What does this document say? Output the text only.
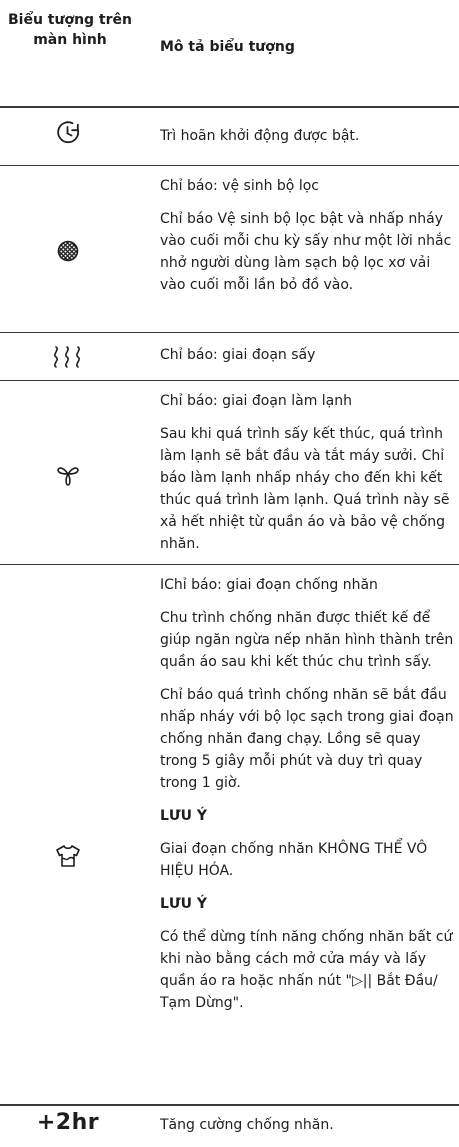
Biểu tượng trên màn hình	Mô tả biểu tượng

Trì hoãn khởi động được bật.

Chỉ báo: vệ sinh bộ lọc

Chỉ báo Vệ sinh bộ lọc bật và nhấp nháy vào cuối mỗi chu kỳ sấy như một lời nhắc nhở người dùng làm sạch bộ lọc xơ vải vào cuối mỗi lần bỏ đồ vào.

Chỉ báo: giai đoạn sấy

Chỉ báo: giai đoạn làm lạnh

Sau khi quá trình sấy kết thúc, quá trình làm lạnh sẽ bắt đầu và tắt máy sưởi. Chỉ báo làm lạnh nhấp nháy cho đến khi kết thúc quá trình làm lạnh. Quá trình này sẽ xả hết nhiệt từ quần áo và bảo vệ chống nhăn.

IChỉ báo: giai đoạn chống nhăn

Chu trình chống nhăn được thiết kế để giúp ngăn ngừa nếp nhăn hình thành trên quần áo sau khi kết thúc chu trình sấy.

Chỉ báo quá trình chống nhăn sẽ bắt đầu nhấp nháy với bộ lọc sạch trong giai đoạn chống nhăn đang chạy. Lồng sẽ quay trong 5 giây mỗi phút và duy trì quay trong 1 giờ.

LƯU Ý

Giai đoạn chống nhăn KHÔNG THỂ VÔ HIỆU HÓA.

LƯU Ý

Có thể dừng tính năng chống nhăn bất cứ khi nào bằng cách mở cửa máy và lấy quần áo ra hoặc nhấn nút "▷|| Bắt Đầu/ Tạm Dừng".

+2hr	Tăng cường chống nhăn.
